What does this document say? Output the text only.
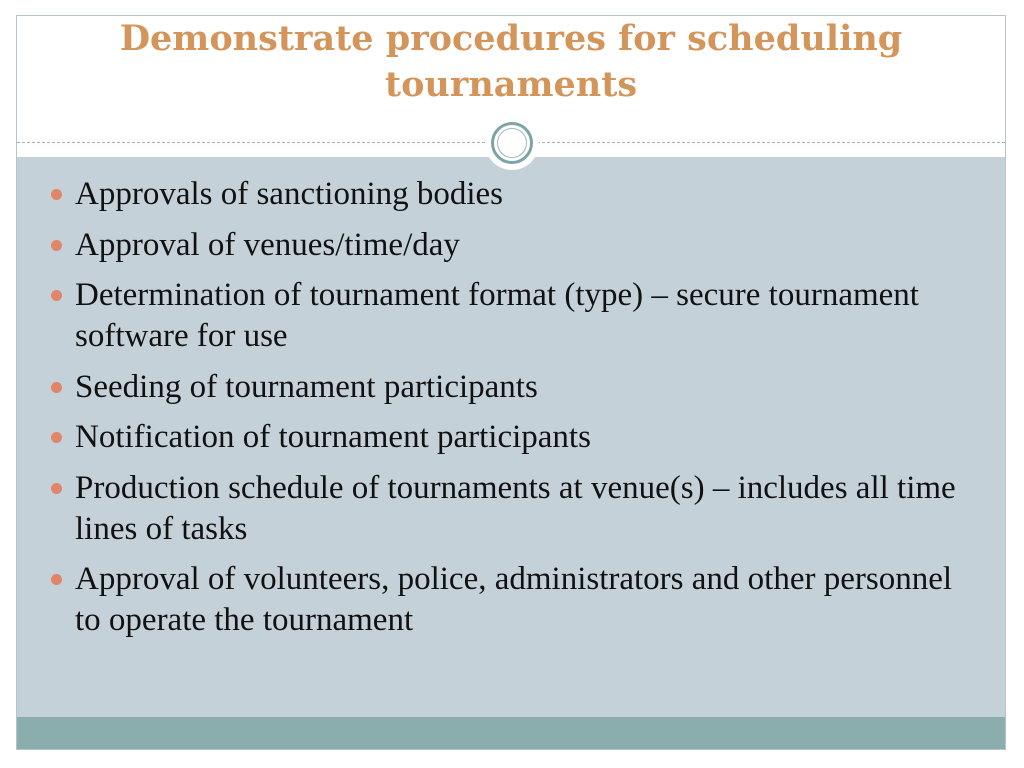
Demonstrate procedures for scheduling tournaments
Approvals of sanctioning bodies
Approval of venues/time/day
Determination of tournament format (type) – secure tournament software for use
Seeding of tournament participants
Notification of tournament participants
Production schedule of tournaments at venue(s) – includes all time lines of tasks
Approval of volunteers, police, administrators and other personnel to operate the tournament
